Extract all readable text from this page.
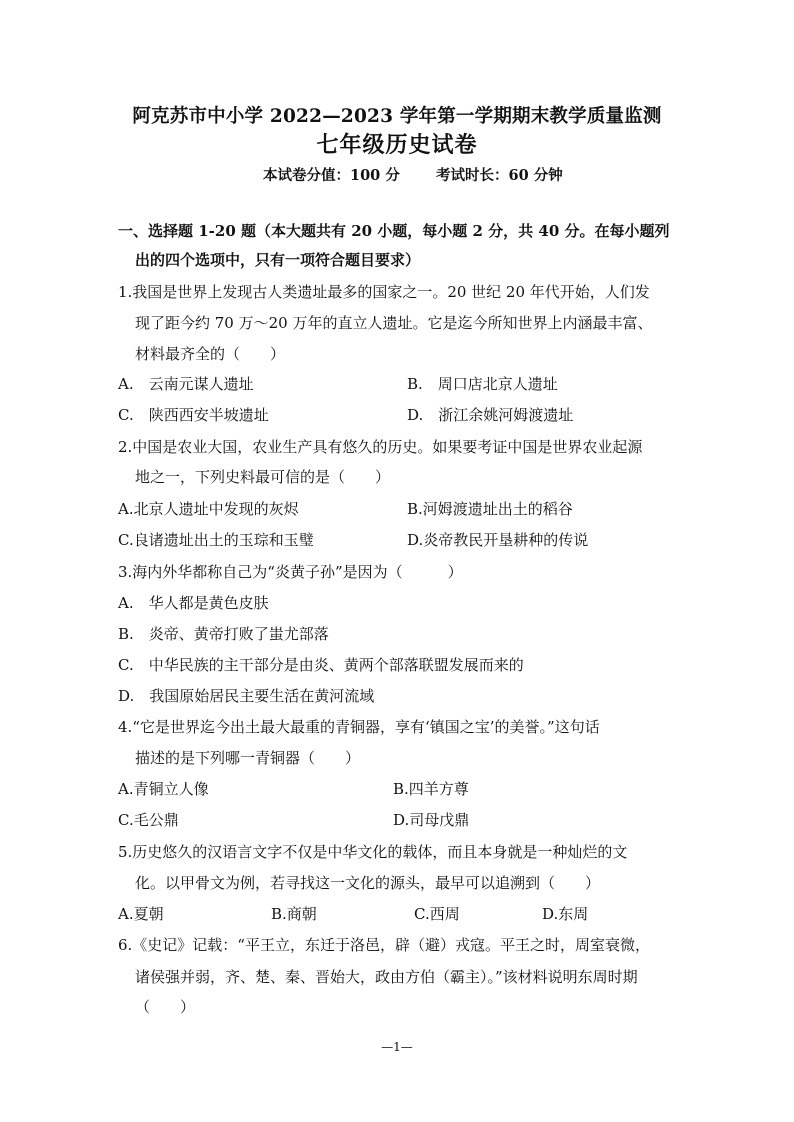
阿克苏市中小学 2022—2023 学年第一学期期末教学质量监测
七年级历史试卷
本试卷分值：100 分 考试时长：60 分钟
一、选择题 1-20 题（本大题共有 20 小题，每小题 2 分，共 40 分。在每小题列
出的四个选项中，只有一项符合题目要求）
1.我国是世界上发现古人类遗址最多的国家之一。20 世纪 20 年代开始，人们发
现了距今约 70 万～20 万年的直立人遗址。它是迄今所知世界上内涵最丰富、
材料最齐全的（　　）
A.　云南元谋人遗址	B.　周口店北京人遗址
C.　陕西西安半坡遗址	D.　浙江余姚河姆渡遗址
2.中国是农业大国，农业生产具有悠久的历史。如果要考证中国是世界农业起源
地之一，下列史料最可信的是（　　）
A.北京人遗址中发现的灰烬	B.河姆渡遗址出土的稻谷
C.良诸遗址出土的玉琮和玉璧	D.炎帝教民开垦耕种的传说
3.海内外华都称自己为“炎黄子孙”是因为（　　　）
A.　华人都是黄色皮肤
B.　炎帝、黄帝打败了蚩尤部落
C.　中华民族的主干部分是由炎、黄两个部落联盟发展而来的
D.　我国原始居民主要生活在黄河流域
4.“它是世界迄今出土最大最重的青铜器，享有‘镇国之宝’的美誉。”这句话
描述的是下列哪一青铜器（　　）
A.青铜立人像	B.四羊方尊
C.毛公鼎	D.司母戊鼎
5.历史悠久的汉语言文字不仅是中华文化的载体，而且本身就是一种灿烂的文
化。以甲骨文为例，若寻找这一文化的源头，最早可以追溯到（　　）
A.夏朝	B.商朝	C.西周	D.东周
6.《史记》记载：“平王立，东迁于洛邑，辟（避）戎寇。平王之时，周室衰微，
诸侯强并弱，齐、楚、秦、晋始大，政由方伯（霸主）。”该材料说明东周时期
（　　）
—1—
